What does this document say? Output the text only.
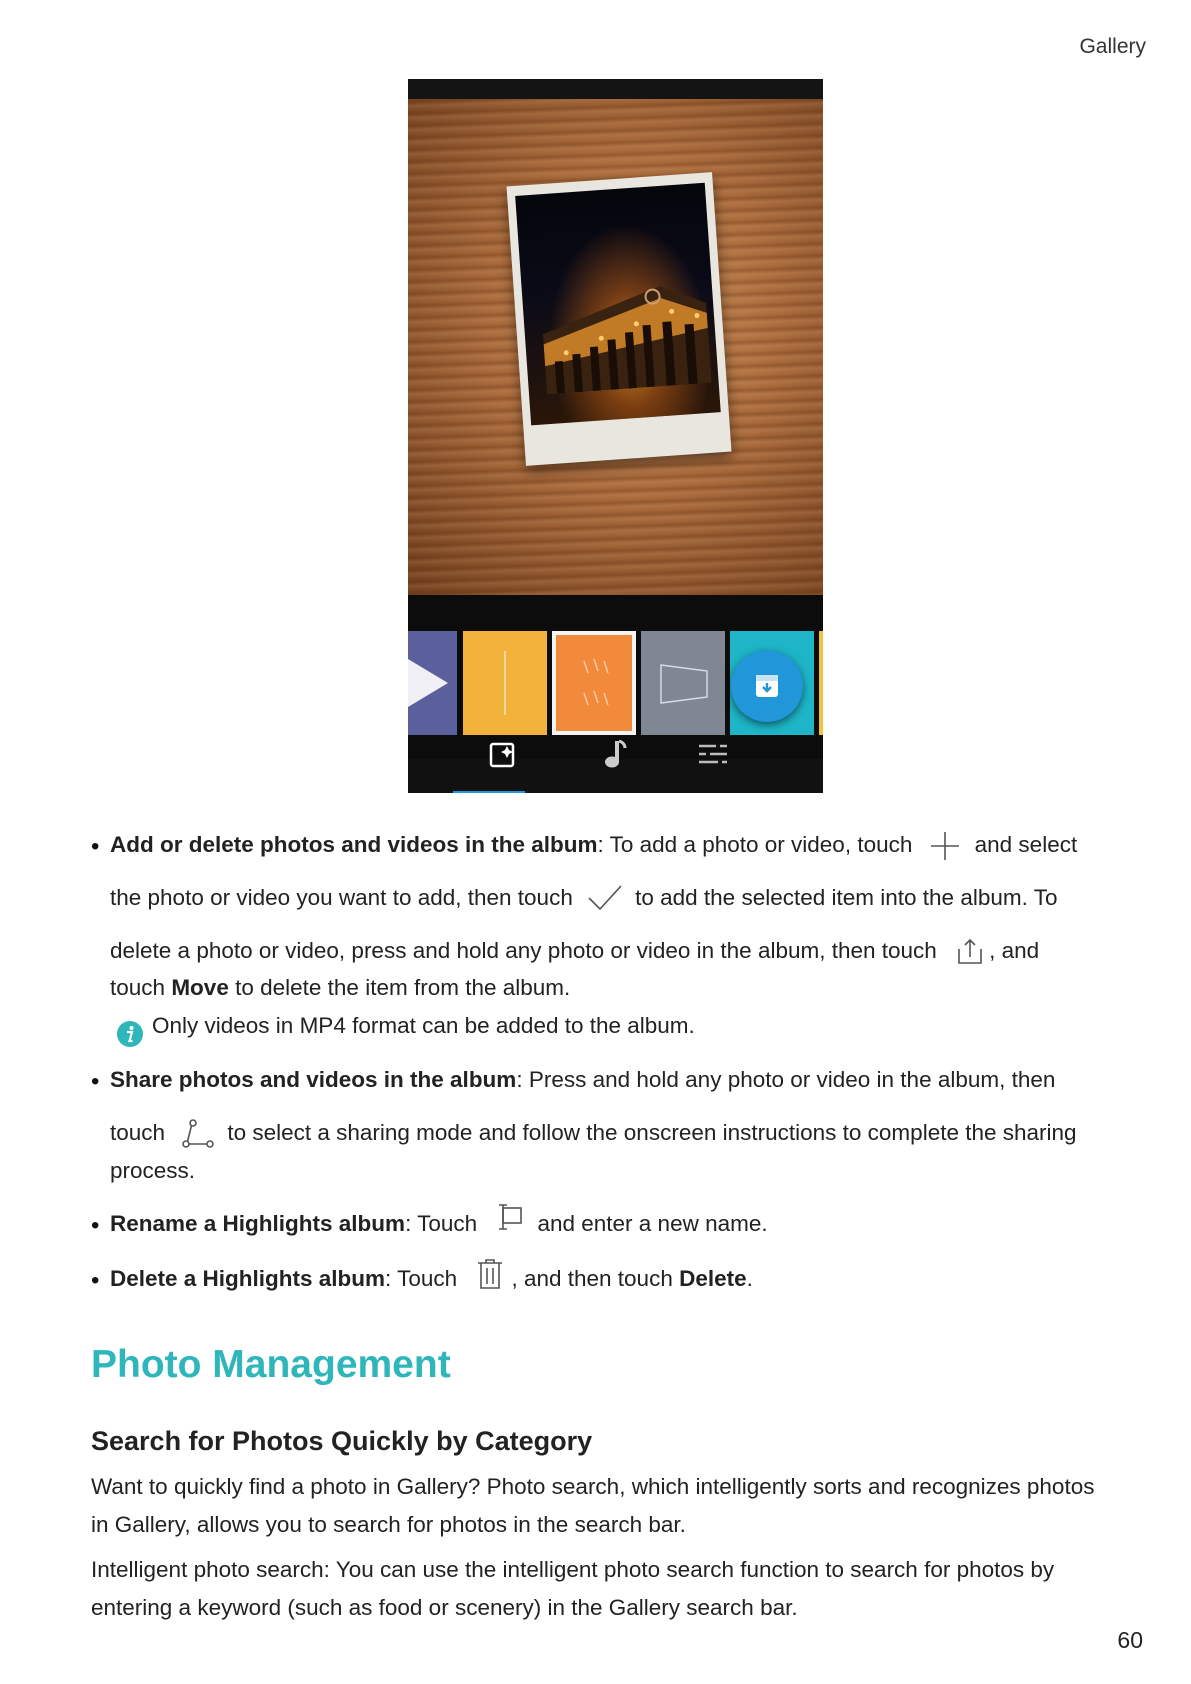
Gallery
• Add or delete photos and videos in the album: To add a photo or video, touch	and select
the photo or video you want to add, then touch	to add the selected item into the album. To
delete a photo or video, press and hold any photo or video in the album, then touch , and
touch Move to delete the item from the album.
Only videos in MP4 format can be added to the album.
• Share photos and videos in the album: Press and hold any photo or video in the album, then
touch	to select a sharing mode and follow the onscreen instructions to complete the sharing
process.
• Rename a Highlights album: Touch	and enter a new name.
• Delete a Highlights album: Touch , and then touch Delete.
Photo Management
Search for Photos Quickly by Category
Want to quickly find a photo in Gallery? Photo search, which intelligently sorts and recognizes photos
in Gallery, allows you to search for photos in the search bar.
Intelligent photo search: You can use the intelligent photo search function to search for photos by
entering a keyword (such as food or scenery) in the Gallery search bar.
60
